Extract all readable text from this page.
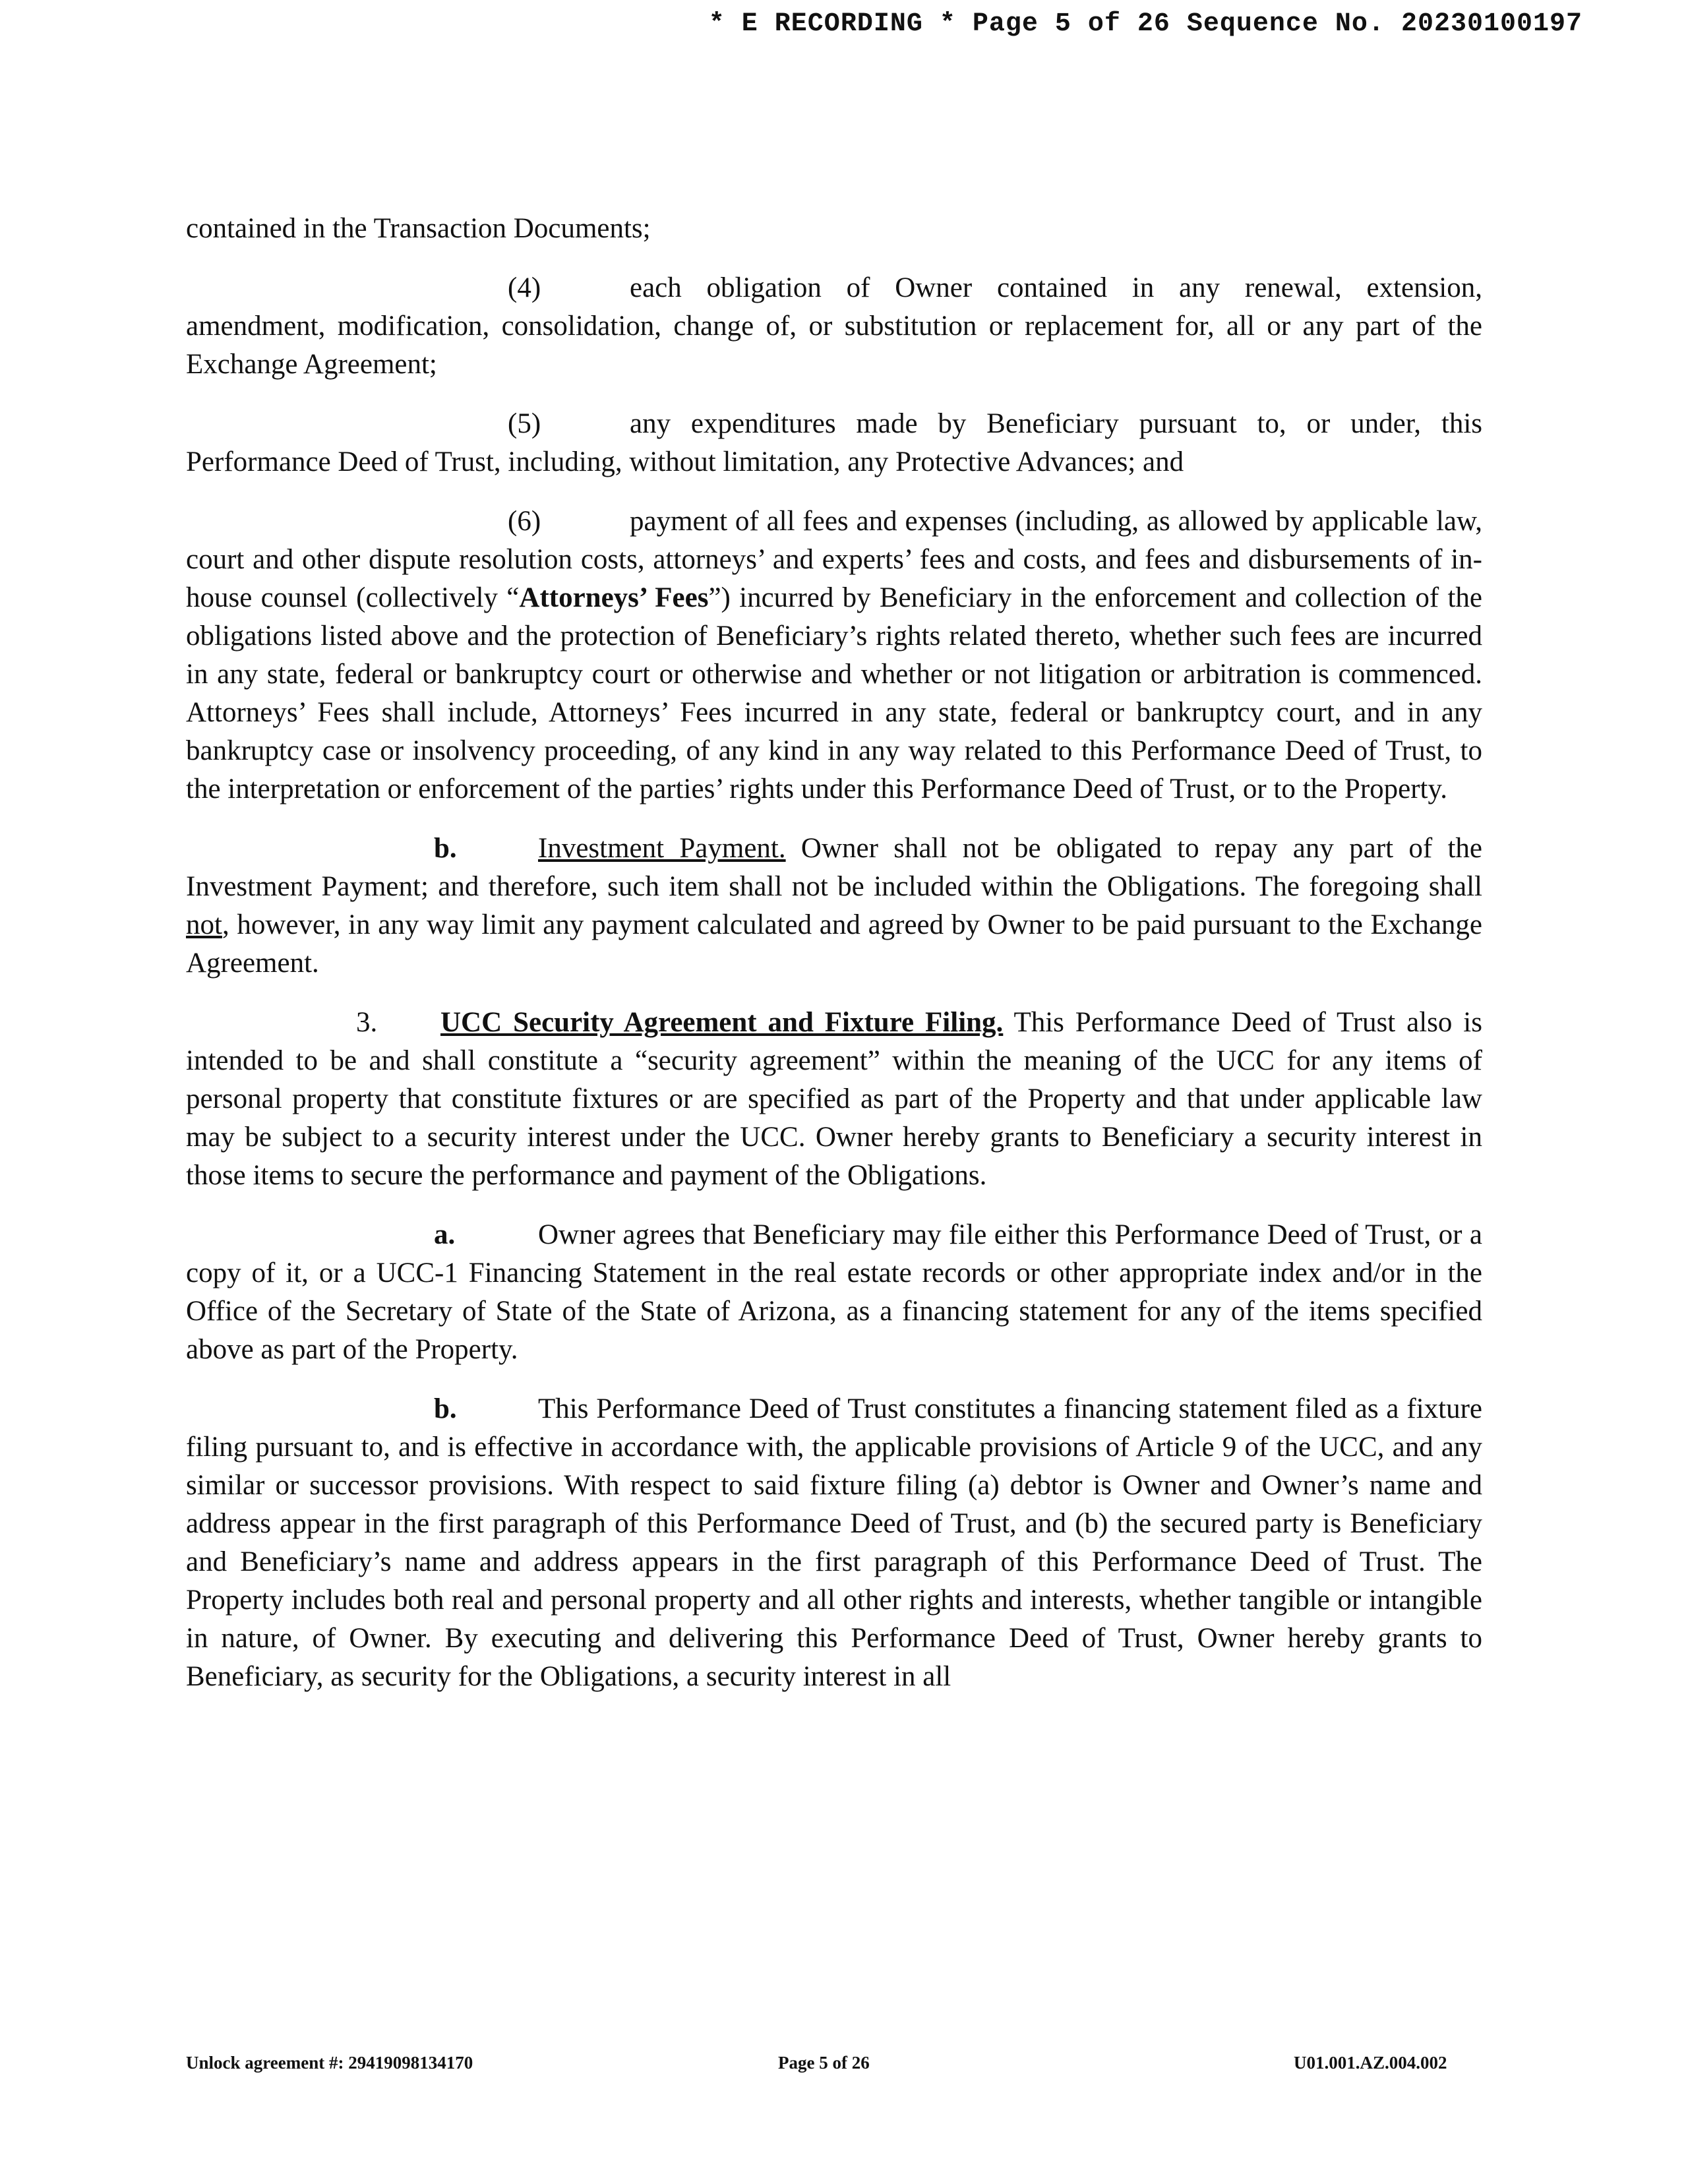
* E RECORDING * Page 5 of 26 Sequence No. 20230100197

contained in the Transaction Documents;

(4)	each obligation of Owner contained in any renewal, extension, amendment, modification, consolidation, change of, or substitution or replacement for, all or any part of the Exchange Agreement;

(5)	any expenditures made by Beneficiary pursuant to, or under, this Performance Deed of Trust, including, without limitation, any Protective Advances; and

(6)	payment of all fees and expenses (including, as allowed by applicable law, court and other dispute resolution costs, attorneys’ and experts’ fees and costs, and fees and disbursements of in-house counsel (collectively “Attorneys’ Fees”) incurred by Beneficiary in the enforcement and collection of the obligations listed above and the protection of Beneficiary’s rights related thereto, whether such fees are incurred in any state, federal or bankruptcy court or otherwise and whether or not litigation or arbitration is commenced. Attorneys’ Fees shall include, Attorneys’ Fees incurred in any state, federal or bankruptcy court, and in any bankruptcy case or insolvency proceeding, of any kind in any way related to this Performance Deed of Trust, to the interpretation or enforcement of the parties’ rights under this Performance Deed of Trust, or to the Property.

b.	Investment Payment. Owner shall not be obligated to repay any part of the Investment Payment; and therefore, such item shall not be included within the Obligations. The foregoing shall not, however, in any way limit any payment calculated and agreed by Owner to be paid pursuant to the Exchange Agreement.

3. UCC Security Agreement and Fixture Filing. This Performance Deed of Trust also is intended to be and shall constitute a “security agreement” within the meaning of the UCC for any items of personal property that constitute fixtures or are specified as part of the Property and that under applicable law may be subject to a security interest under the UCC. Owner hereby grants to Beneficiary a security interest in those items to secure the performance and payment of the Obligations.

a.	Owner agrees that Beneficiary may file either this Performance Deed of Trust, or a copy of it, or a UCC-1 Financing Statement in the real estate records or other appropriate index and/or in the Office of the Secretary of State of the State of Arizona, as a financing statement for any of the items specified above as part of the Property.

b.	This Performance Deed of Trust constitutes a financing statement filed as a fixture filing pursuant to, and is effective in accordance with, the applicable provisions of Article 9 of the UCC, and any similar or successor provisions. With respect to said fixture filing (a) debtor is Owner and Owner’s name and address appear in the first paragraph of this Performance Deed of Trust, and (b) the secured party is Beneficiary and Beneficiary’s name and address appears in the first paragraph of this Performance Deed of Trust. The Property includes both real and personal property and all other rights and interests, whether tangible or intangible in nature, of Owner. By executing and delivering this Performance Deed of Trust, Owner hereby grants to Beneficiary, as security for the Obligations, a security interest in all

Unlock agreement #: 29419098134170	Page 5 of 26	U01.001.AZ.004.002
